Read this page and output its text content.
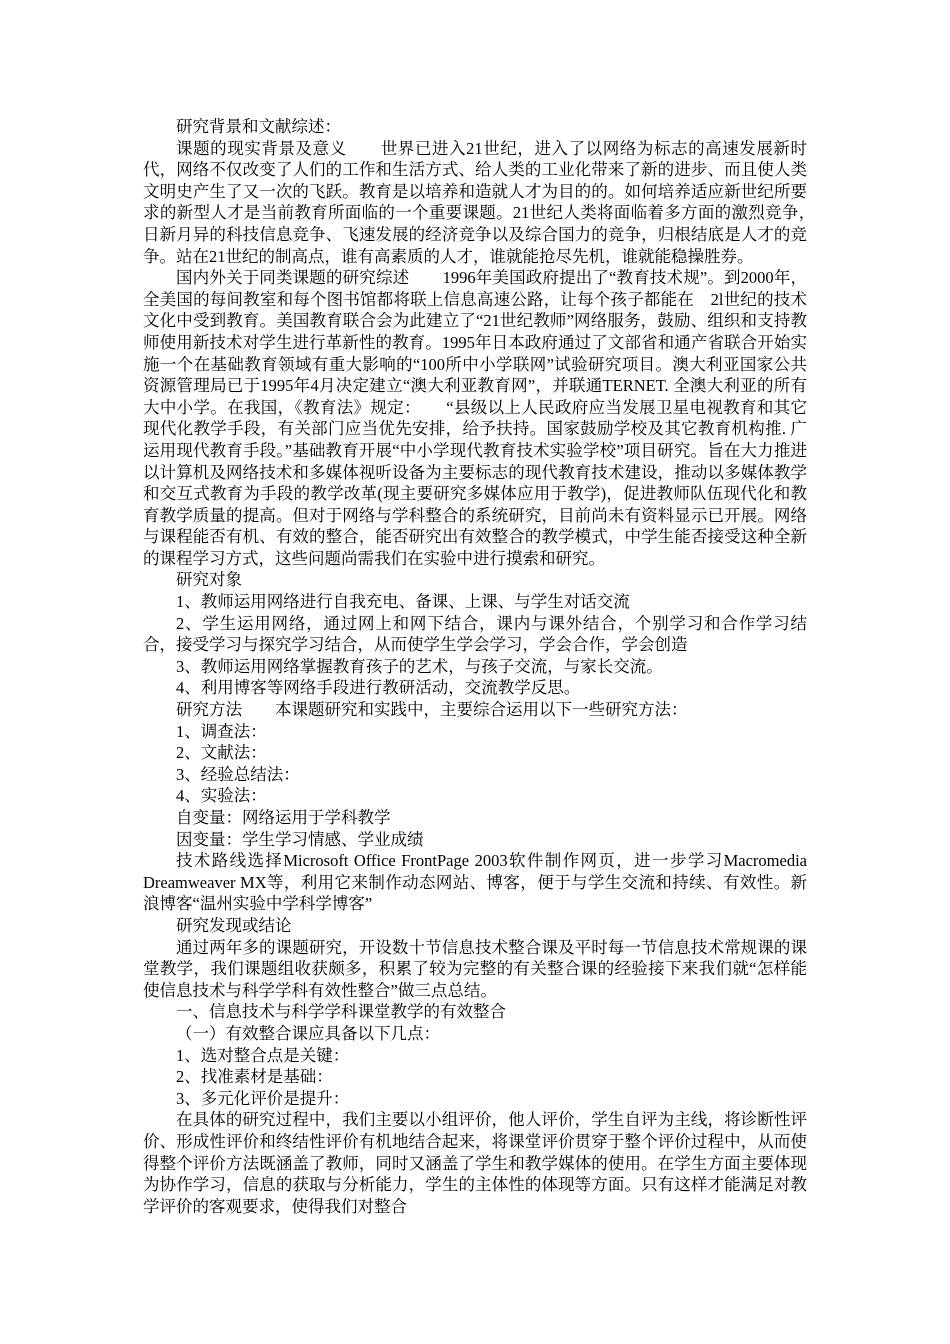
研究背景和文献综述：

课题的现实背景及意义　　世界已进入21世纪，进入了以网络为标志的高速发展新时代，网络不仅改变了人们的工作和生活方式、给人类的工业化带来了新的进步、而且使人类文明史产生了又一次的飞跃。教育是以培养和造就人才为目的的。如何培养适应新世纪所要求的新型人才是当前教育所面临的一个重要课题。21世纪人类将面临着多方面的激烈竞争，　　日新月异的科技信息竞争、飞速发展的经济竞争以及综合国力的竞争，归根结底是人才的竞争。站在21世纪的制高点，谁有高素质的人才，谁就能抢尽先机，谁就能稳操胜券。

国内外关于同类课题的研究综述　　1996年美国政府提出了“教育技术规”。到2000年，全美国的每间教室和每个图书馆都将联上信息高速公路，让每个孩子都能在　2l世纪的技术文化中受到教育。美国教育联合会为此建立了“21世纪教师”网络服务，鼓励、组织和支持教师使用新技术对学生进行革新性的教育。1995年日本政府通过了文部省和通产省联合开始实施一个在基础教育领域有重大影响的“100所中小学联网”试验研究项目。澳大利亚国家公共资源管理局已于1995年4月决定建立“澳大利亚教育网”，并联通TERNET. 全澳大利亚的所有大中小学。在我国，《教育法》规定：　　“县级以上人民政府应当发展卫星电视教育和其它现代化教学手段，有关部门应当优先安排，给予扶持。国家鼓励学校及其它教育机构推. 广运用现代教育手段。”基础教育开展“中小学现代教育技术实验学校”项目研究。旨在大力推进以计算机及网络技术和多媒体视听设备为主要标志的现代教育技术建设，推动以多媒体教学和交互式教育为手段的教学改革(现主要研究多媒体应用于教学)，促进教师队伍现代化和教育教学质量的提高。但对于网络与学科整合的系统研究，目前尚未有资料显示已开展。网络与课程能否有机、有效的整合，能否研究出有效整合的教学模式，中学生能否接受这种全新的课程学习方式，这些问题尚需我们在实验中进行摸索和研究。

研究对象

1、教师运用网络进行自我充电、备课、上课、与学生对话交流

2、学生运用网络，通过网上和网下结合，课内与课外结合，个别学习和合作学习结合，接受学习与探究学习结合，从而使学生学会学习，学会合作，学会创造

3、教师运用网络掌握教育孩子的艺术，与孩子交流，与家长交流。

4、利用博客等网络手段进行教研活动，交流教学反思。

研究方法　　本课题研究和实践中，主要综合运用以下一些研究方法：

1、调查法：

2、文献法：

3、经验总结法：

4、实验法：

自变量：网络运用于学科教学

因变量：学生学习情感、学业成绩

技术路线选择Microsoft Office FrontPage 2003软件制作网页，进一步学习Macromedia Dreamweaver MX等，利用它来制作动态网站、博客，便于与学生交流和持续、有效性。新浪博客“温州实验中学科学博客”

研究发现或结论

通过两年多的课题研究，开设数十节信息技术整合课及平时每一节信息技术常规课的课堂教学，我们课题组收获颇多，积累了较为完整的有关整合课的经验接下来我们就“怎样能使信息技术与科学学科有效性整合”做三点总结。

一、信息技术与科学学科课堂教学的有效整合

（一）有效整合课应具备以下几点：

1、选对整合点是关键：

2、找准素材是基础：

3、多元化评价是提升：

在具体的研究过程中，我们主要以小组评价，他人评价，学生自评为主线，将诊断性评价、形成性评价和终结性评价有机地结合起来，将课堂评价贯穿于整个评价过程中，从而使得整个评价方法既涵盖了教师，同时又涵盖了学生和教学媒体的使用。在学生方面主要体现为协作学习，信息的获取与分析能力，学生的主体性的体现等方面。只有这样才能满足对教学评价的客观要求，使得我们对整合
